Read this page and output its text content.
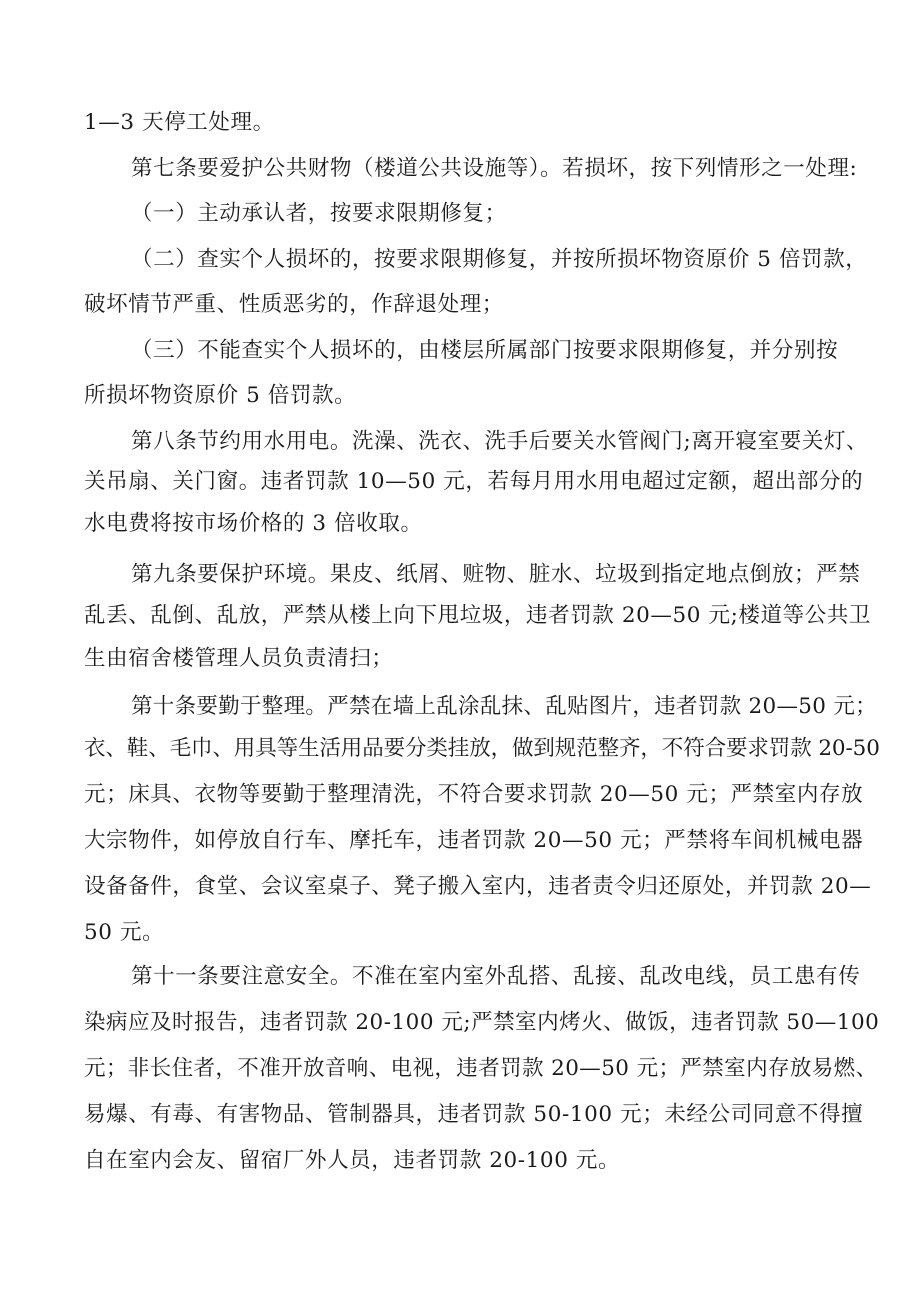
1—3 天停工处理。
第七条要爱护公共财物（楼道公共设施等）。若损坏，按下列情形之一处理:
（一）主动承认者，按要求限期修复；
（二）查实个人损坏的，按要求限期修复，并按所损坏物资原价 5 倍罚款，
破坏情节严重、性质恶劣的，作辞退处理；
（三）不能查实个人损坏的，由楼层所属部门按要求限期修复，并分别按
所损坏物资原价 5 倍罚款。
第八条节约用水用电。洗澡、洗衣、洗手后要关水管阀门;离开寝室要关灯、
关吊扇、关门窗。违者罚款 10—50 元，若每月用水用电超过定额，超出部分的
水电费将按市场价格的 3 倍收取。
第九条要保护环境。果皮、纸屑、赃物、脏水、垃圾到指定地点倒放；严禁
乱丢、乱倒、乱放，严禁从楼上向下甩垃圾，违者罚款 20—50 元;楼道等公共卫
生由宿舍楼管理人员负责清扫；
第十条要勤于整理。严禁在墙上乱涂乱抹、乱贴图片，违者罚款 20—50 元；
衣、鞋、毛巾、用具等生活用品要分类挂放，做到规范整齐，不符合要求罚款 20-50
元；床具、衣物等要勤于整理清洗，不符合要求罚款 20—50 元；严禁室内存放
大宗物件，如停放自行车、摩托车，违者罚款 20—50 元；严禁将车间机械电器
设备备件，食堂、会议室桌子、凳子搬入室内，违者责令归还原处，并罚款 20—
50 元。
第十一条要注意安全。不准在室内室外乱搭、乱接、乱改电线，员工患有传
染病应及时报告，违者罚款 20-100 元;严禁室内烤火、做饭，违者罚款 50—100
元；非长住者，不准开放音响、电视，违者罚款 20—50 元；严禁室内存放易燃、
易爆、有毒、有害物品、管制器具，违者罚款 50-100 元；未经公司同意不得擅
自在室内会友、留宿厂外人员，违者罚款 20-100 元。
